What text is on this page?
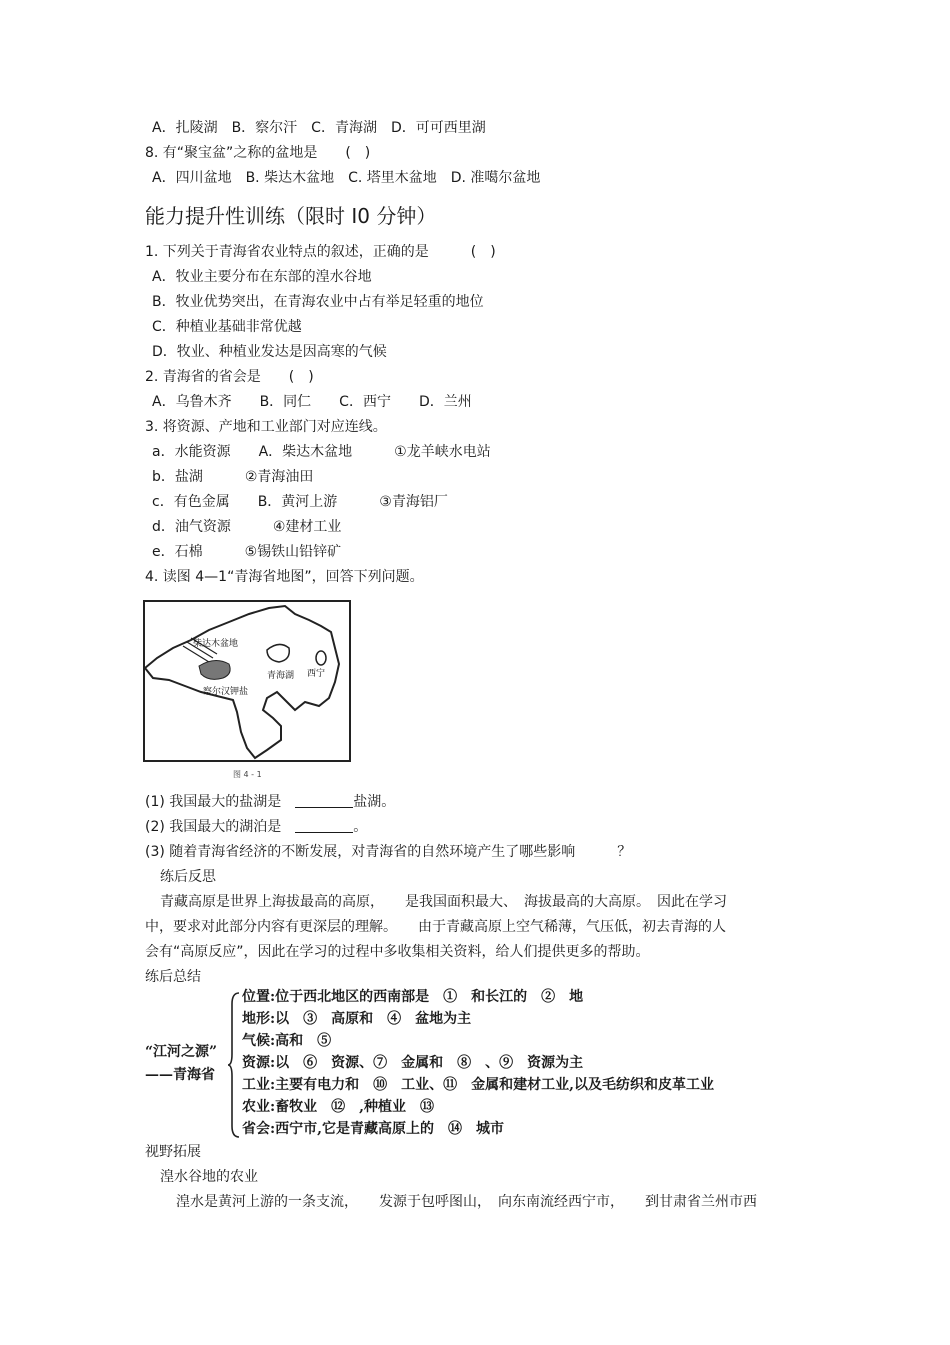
A．扎陵湖　B．察尔汗　C．青海湖　D．可可西里湖
8. 有“聚宝盆”之称的盆地是　　(　)
A．四川盆地　B. 柴达木盆地　C. 塔里木盆地　D. 准噶尔盆地
能力提升性训练（限时 I0 分钟）
1. 下列关于青海省农业特点的叙述，正确的是　　　(　)
A．牧业主要分布在东部的湟水谷地
B．牧业优势突出，在青海农业中占有举足轻重的地位
C．种植业基础非常优越
D．牧业、种植业发达是因高寒的气候
2. 青海省的省会是　　(　)
A．乌鲁木齐　　B．同仁　　C．西宁　　D．兰州
3. 将资源、产地和工业部门对应连线。
a．水能资源　　A．柴达木盆地　　　①龙羊峡水电站
b．盐湖　　　②青海油田
c．有色金属　　B．黄河上游　　　③青海铝厂
d．油气资源　　　④建材工业
e．石棉　　　⑤锡铁山铅锌矿
4. 读图 4—1“青海省地图”，回答下列问题。
柴达木盆地
青海湖 西宁
察尔汉钾盐
图 4 - 1
(1) 我国最大的盐湖是　	盐湖。
(2) 我国最大的湖泊是　	。
(3) 随着青海省经济的不断发展，对青海省的自然环境产生了哪些影响　　　？
练后反思
青藏高原是世界上海拔最高的高原，　　是我国面积最大、　海拔最高的大高原。　因此在学习
中，要求对此部分内容有更深层的理解。　　由于青藏高原上空气稀薄，气压低，初去青海的人
会有“高原反应”，因此在学习的过程中多收集相关资料，给人们提供更多的帮助。
练后总结
“江河之源”
——青海省
位置:位于西北地区的西南部是　①　和长江的　②　地
地形:以　③　高原和　④　盆地为主
气候:高和　⑤
资源:以　⑥　资源、⑦　金属和　⑧　、⑨　资源为主
工业:主要有电力和　⑩　工业、⑪　金属和建材工业,以及毛纺织和皮革工业
农业:畜牧业　⑫　,种植业　⑬
省会:西宁市,它是青藏高原上的　⑭　城市
视野拓展
湟水谷地的农业
湟水是黄河上游的一条支流，　　发源于包呼图山，　向东南流经西宁市，　　到甘肃省兰州市西
